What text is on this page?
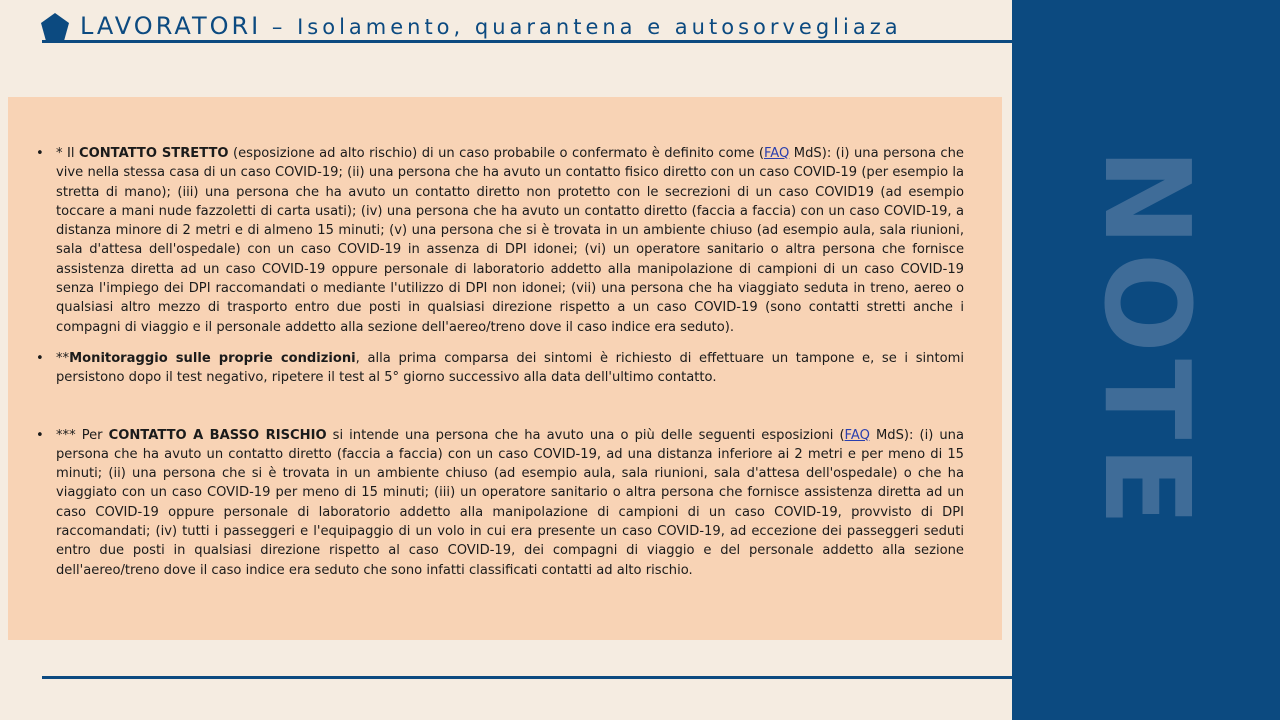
LAVORATORI – Isolamento, quarantena e autosorvegliaza
• * Il CONTATTO STRETTO (esposizione ad alto rischio) di un caso probabile o confermato è definito come (FAQ MdS): (i) una persona che vive nella stessa casa di un caso COVID-19; (ii) una persona che ha avuto un contatto fisico diretto con un caso COVID-19 (per esempio la stretta di mano); (iii) una persona che ha avuto un contatto diretto non protetto con le secrezioni di un caso COVID19 (ad esempio toccare a mani nude fazzoletti di carta usati); (iv) una persona che ha avuto un contatto diretto (faccia a faccia) con un caso COVID-19, a distanza minore di 2 metri e di almeno 15 minuti; (v) una persona che si è trovata in un ambiente chiuso (ad esempio aula, sala riunioni, sala d'attesa dell'ospedale) con un caso COVID-19 in assenza di DPI idonei; (vi) un operatore sanitario o altra persona che fornisce assistenza diretta ad un caso COVID-19 oppure personale di laboratorio addetto alla manipolazione di campioni di un caso COVID-19 senza l'impiego dei DPI raccomandati o mediante l'utilizzo di DPI non idonei; (vii) una persona che ha viaggiato seduta in treno, aereo o qualsiasi altro mezzo di trasporto entro due posti in qualsiasi direzione rispetto a un caso COVID-19 (sono contatti stretti anche i compagni di viaggio e il personale addetto alla sezione dell'aereo/treno dove il caso indice era seduto).
• **Monitoraggio sulle proprie condizioni, alla prima comparsa dei sintomi è richiesto di effettuare un tampone e, se i sintomi persistono dopo il test negativo, ripetere il test al 5° giorno successivo alla data dell'ultimo contatto.
• *** Per CONTATTO A BASSO RISCHIO si intende una persona che ha avuto una o più delle seguenti esposizioni (FAQ MdS): (i) una persona che ha avuto un contatto diretto (faccia a faccia) con un caso COVID-19, ad una distanza inferiore ai 2 metri e per meno di 15 minuti; (ii) una persona che si è trovata in un ambiente chiuso (ad esempio aula, sala riunioni, sala d'attesa dell'ospedale) o che ha viaggiato con un caso COVID-19 per meno di 15 minuti; (iii) un operatore sanitario o altra persona che fornisce assistenza diretta ad un caso COVID-19 oppure personale di laboratorio addetto alla manipolazione di campioni di un caso COVID-19, provvisto di DPI raccomandati; (iv) tutti i passeggeri e l'equipaggio di un volo in cui era presente un caso COVID-19, ad eccezione dei passeggeri seduti entro due posti in qualsiasi direzione rispetto al caso COVID-19, dei compagni di viaggio e del personale addetto alla sezione dell'aereo/treno dove il caso indice era seduto che sono infatti classificati contatti ad alto rischio.
NOTE
